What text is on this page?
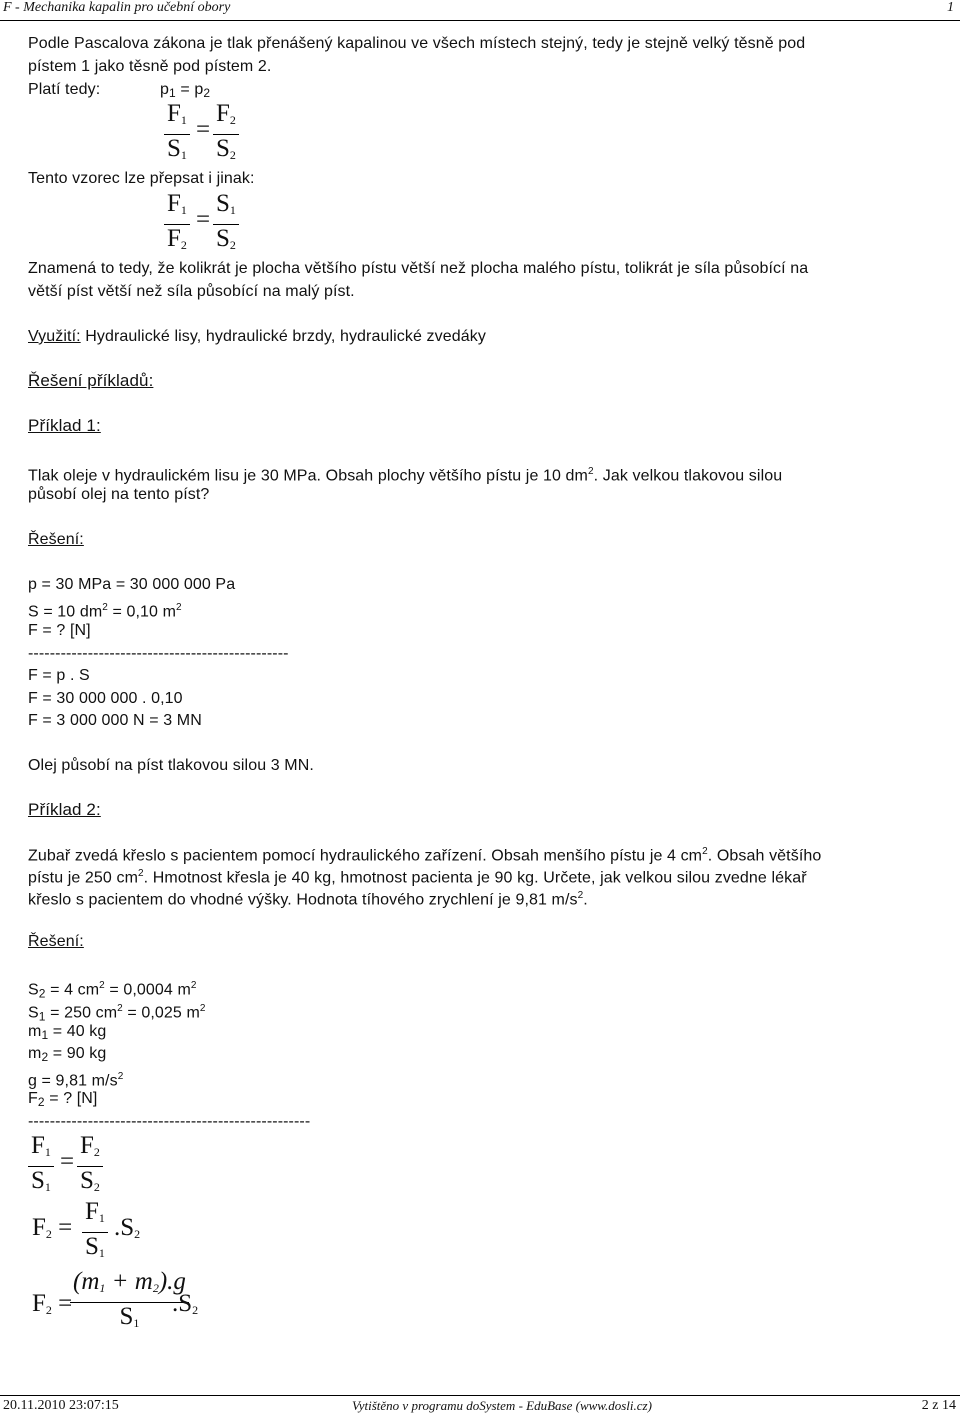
F - Mechanika kapalin pro učební obory	1
Podle Pascalova zákona je tlak přenášený kapalinou ve všech místech stejný, tedy je stejně velký těsně pod
pístem 1 jako těsně pod pístem 2.
Platí tedy:	$p_1 = p_2$
$\frac{F_1}{S_1} = \frac{F_2}{S_2}$
Tento vzorec lze přepsat i jinak:
$\frac{F_1}{F_2} = \frac{S_1}{S_2}$
Znamená to tedy, že kolikrát je plocha většího pístu větší než plocha malého pístu, tolikrát je síla působící na
větší píst větší než síla působící na malý píst.
Využití: Hydraulické lisy, hydraulické brzdy, hydraulické zvedáky
Řešení příkladů:
Příklad 1:
Tlak oleje v hydraulickém lisu je 30 MPa. Obsah plochy většího pístu je 10 $dm^2$. Jak velkou tlakovou silou
působí olej na tento píst?
Řešení:
p = 30 MPa = 30 000 000 Pa
S = 10 $dm^2 = 0,10$ $m^2$
F = ? [N]
------------------------------------------------
F = p . S
F = 30 000 000 . 0,10
F = 3 000 000 N = 3 MN
Olej působí na píst tlakovou silou 3 MN.
Příklad 2:
Zubař zvedá křeslo s pacientem pomocí hydraulického zařízení. Obsah menšího pístu je 4 $cm^2$. Obsah většího
pístu je 250 $cm^2$. Hmotnost křesla je 40 kg, hmotnost pacienta je 90 kg. Určete, jak velkou silou zvedne lékař
křeslo s pacientem do vhodné výšky. Hodnota tíhového zrychlení je 9,81 $m/s^2$.
Řešení:
$S_2 = 4$ $cm^2 = 0,0004$ $m^2$
$S_1 = 250$ $cm^2 = 0,025$ $m^2$
$m_1 = 40$ kg
$m_2 = 90$ kg
g = 9,81 $m/s^2$
$F_2$ = ? [N]
----------------------------------------------------
$\frac{F_1}{S_1} = \frac{F_2}{S_2}$
$F_2 = \frac{F_1}{S_1} .S_2$
$F_2$ =
$\frac{(m_1 + m_2).g}{S_1}$
$.S_2$
20.11.2010 23:07:15	Vytištěno v programu doSystem - EduBase (www.dosli.cz)	2 z 14
